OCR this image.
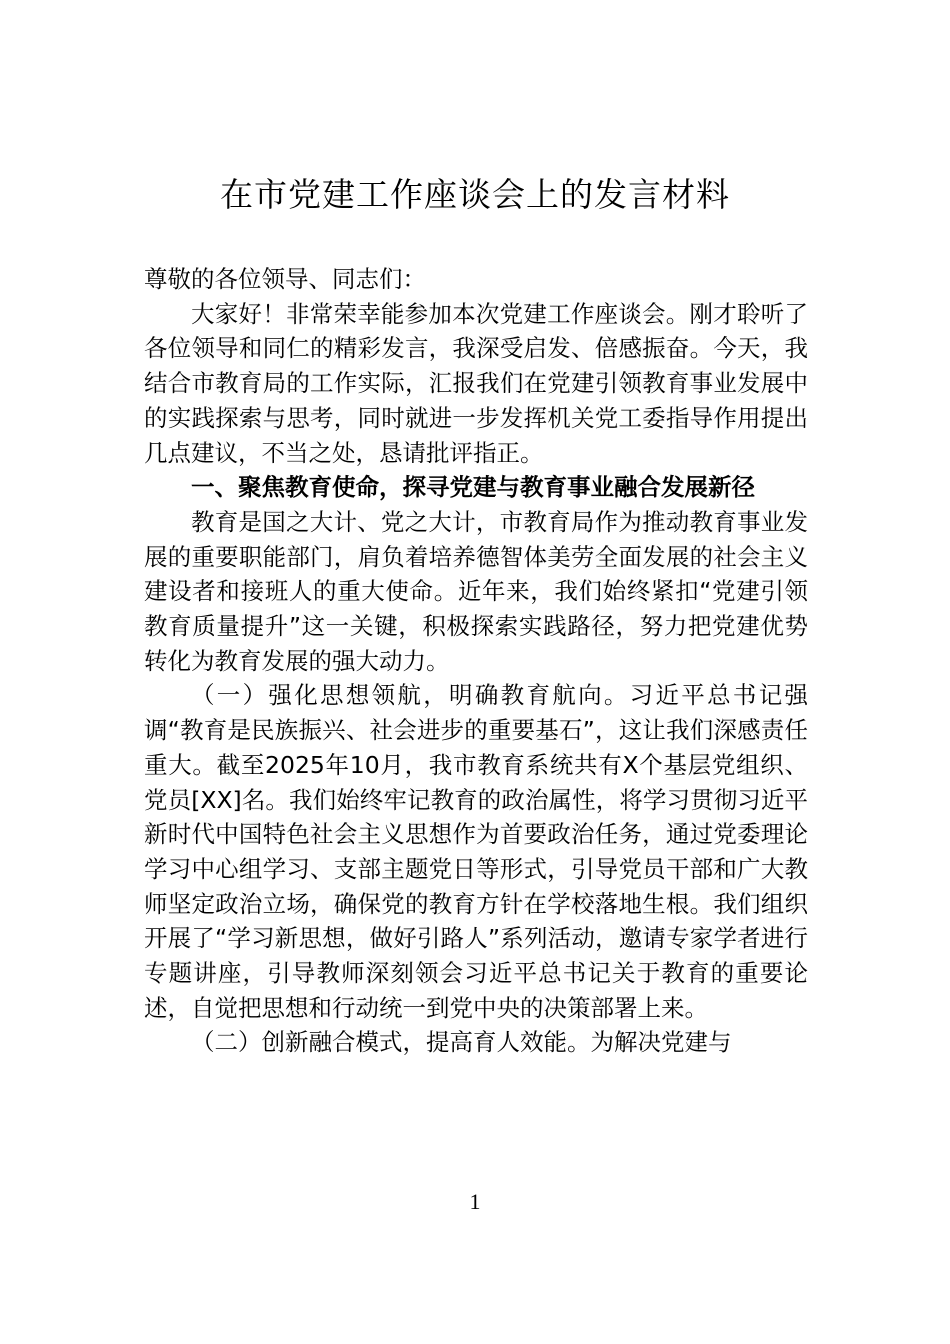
在市党建工作座谈会上的发言材料

尊敬的各位领导、同志们：

大家好！非常荣幸能参加本次党建工作座谈会。刚才聆听了各位领导和同仁的精彩发言，我深受启发、倍感振奋。今天，我结合市教育局的工作实际，汇报我们在党建引领教育事业发展中的实践探索与思考，同时就进一步发挥机关党工委指导作用提出几点建议，不当之处，恳请批评指正。

一、聚焦教育使命，探寻党建与教育事业融合发展新径

教育是国之大计、党之大计，市教育局作为推动教育事业发展的重要职能部门，肩负着培养德智体美劳全面发展的社会主义建设者和接班人的重大使命。近年来，我们始终紧扣“党建引领教育质量提升”这一关键，积极探索实践路径，努力把党建优势转化为教育发展的强大动力。

（一）强化思想领航，明确教育航向。习近平总书记强调“教育是民族振兴、社会进步的重要基石”，这让我们深感责任重大。截至2025年10月，我市教育系统共有X个基层党组织、党员[XX]名。我们始终牢记教育的政治属性，将学习贯彻习近平新时代中国特色社会主义思想作为首要政治任务，通过党委理论学习中心组学习、支部主题党日等形式，引导党员干部和广大教师坚定政治立场，确保党的教育方针在学校落地生根。我们组织开展了“学习新思想，做好引路人”系列活动，邀请专家学者进行专题讲座，引导教师深刻领会习近平总书记关于教育的重要论述，自觉把思想和行动统一到党中央的决策部署上来。

（二）创新融合模式，提高育人效能。为解决党建与

1
